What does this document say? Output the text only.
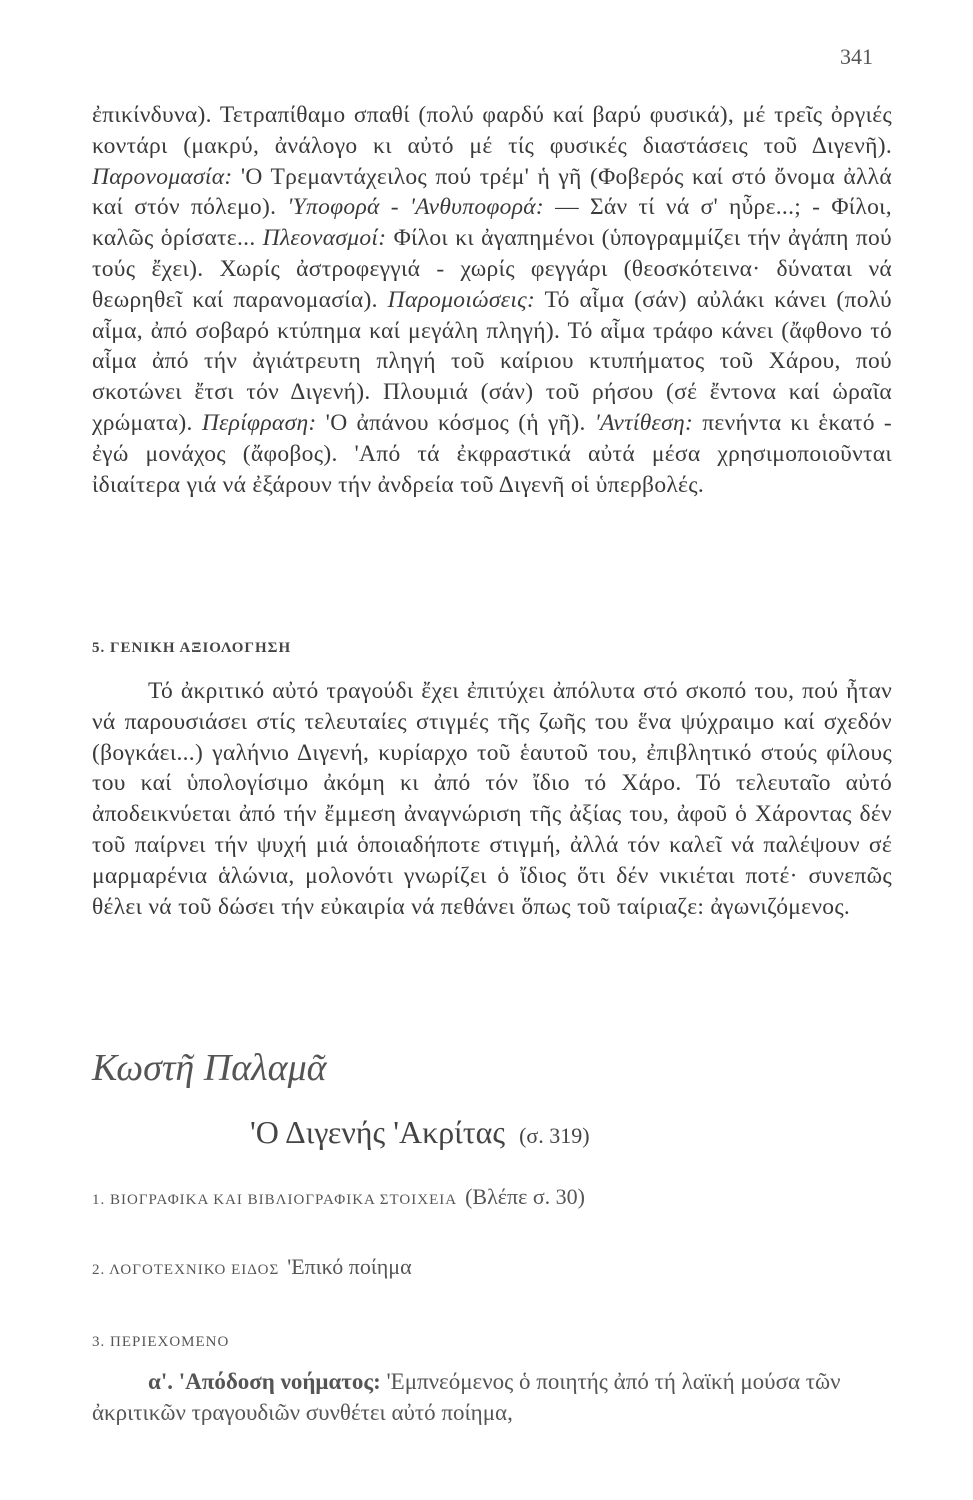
341
ἐπικίνδυνα). Τετραπίθαμο σπαθί (πολύ φαρδύ καί βαρύ φυσικά), μέ τρεῖς ὀργιές κοντάρι (μακρύ, ἀνάλογο κι αὐτό μέ τίς φυσικές διαστάσεις τοῦ Διγενῆ). Παρονομασία: 'Ο Τρεμαντάχειλος πού τρέμ' ἡ γῆ (Φοβερός καί στό ὄνομα ἀλλά καί στόν πόλεμο). 'Υποφορά - 'Ανθυποφορά: — Σάν τί νά σ' ηὖρε...; - Φίλοι, καλῶς ὁρίσατε... Πλεονασμοί: Φίλοι κι ἀγαπημένοι (ὑπογραμμίζει τήν ἀγάπη πού τούς ἔχει). Χωρίς ἀστροφεγγιά - χωρίς φεγγάρι (θεοσκότεινα· δύναται νά θεωρηθεῖ καί παρανομασία). Παρομοιώσεις: Τό αἷμα (σάν) αὐλάκι κάνει (πολύ αἷμα, ἀπό σοβαρό κτύπημα καί μεγάλη πληγή). Τό αἷμα τράφο κάνει (ἄφθονο τό αἷμα ἀπό τήν ἀγιάτρευτη πληγή τοῦ καίριου κτυπήματος τοῦ Χάρου, πού σκοτώνει ἔτσι τόν Διγενή). Πλουμιά (σάν) τοῦ ρήσου (σέ ἔντονα καί ὡραῖα χρώματα). Περίφραση: 'Ο ἀπάνου κόσμος (ἡ γῆ). 'Αντίθεση: πενήντα κι ἑκατό - ἐγώ μονάχος (ἄφοβος). 'Από τά ἐκφραστικά αὐτά μέσα χρησιμοποιοῦνται ἰδιαίτερα γιά νά ἐξάρουν τήν ἀνδρεία τοῦ Διγενῆ οἱ ὑπερβολές.
5. ΓΕΝΙΚΗ ΑΞΙΟΛΟΓΗΣΗ
Τό ἀκριτικό αὐτό τραγούδι ἔχει ἐπιτύχει ἀπόλυτα στό σκοπό του, πού ἦταν νά παρουσιάσει στίς τελευταίες στιγμές τῆς ζωῆς του ἕνα ψύχραιμο καί σχεδόν (βογκάει...) γαλήνιο Διγενή, κυρίαρχο τοῦ ἑαυτοῦ του, ἐπιβλητικό στούς φίλους του καί ὑπολογίσιμο ἀκόμη κι ἀπό τόν ἴδιο τό Χάρο. Τό τελευταῖο αὐτό ἀποδεικνύεται ἀπό τήν ἔμμεση ἀναγνώριση τῆς ἀξίας του, ἀφοῦ ὁ Χάροντας δέν τοῦ παίρνει τήν ψυχή μιά ὁποιαδήποτε στιγμή, ἀλλά τόν καλεῖ νά παλέψουν σέ μαρμαρένια ἁλώνια, μολονότι γνωρίζει ὁ ἴδιος ὅτι δέν νικιέται ποτέ· συνεπῶς θέλει νά τοῦ δώσει τήν εὐκαιρία νά πεθάνει ὅπως τοῦ ταίριαζε: ἀγωνιζόμενος.
Κωστῆ Παλαμᾶ
'Ο Διγενής 'Ακρίτας (σ. 319)
1. ΒΙΟΓΡΑΦΙΚΑ ΚΑΙ ΒΙΒΛΙΟΓΡΑΦΙΚΑ ΣΤΟΙΧΕΙΑ (Βλέπε σ. 30)
2. ΛΟΓΟΤΕΧΝΙΚΟ ΕΙΔΟΣ 'Επικό ποίημα
3. ΠΕΡΙΕΧΟΜΕΝΟ
α'. 'Απόδοση νοήματος: 'Εμπνεόμενος ὁ ποιητής ἀπό τή λαϊκή μούσα τῶν ἀκριτικῶν τραγουδιῶν συνθέτει αὐτό ποίημα,
